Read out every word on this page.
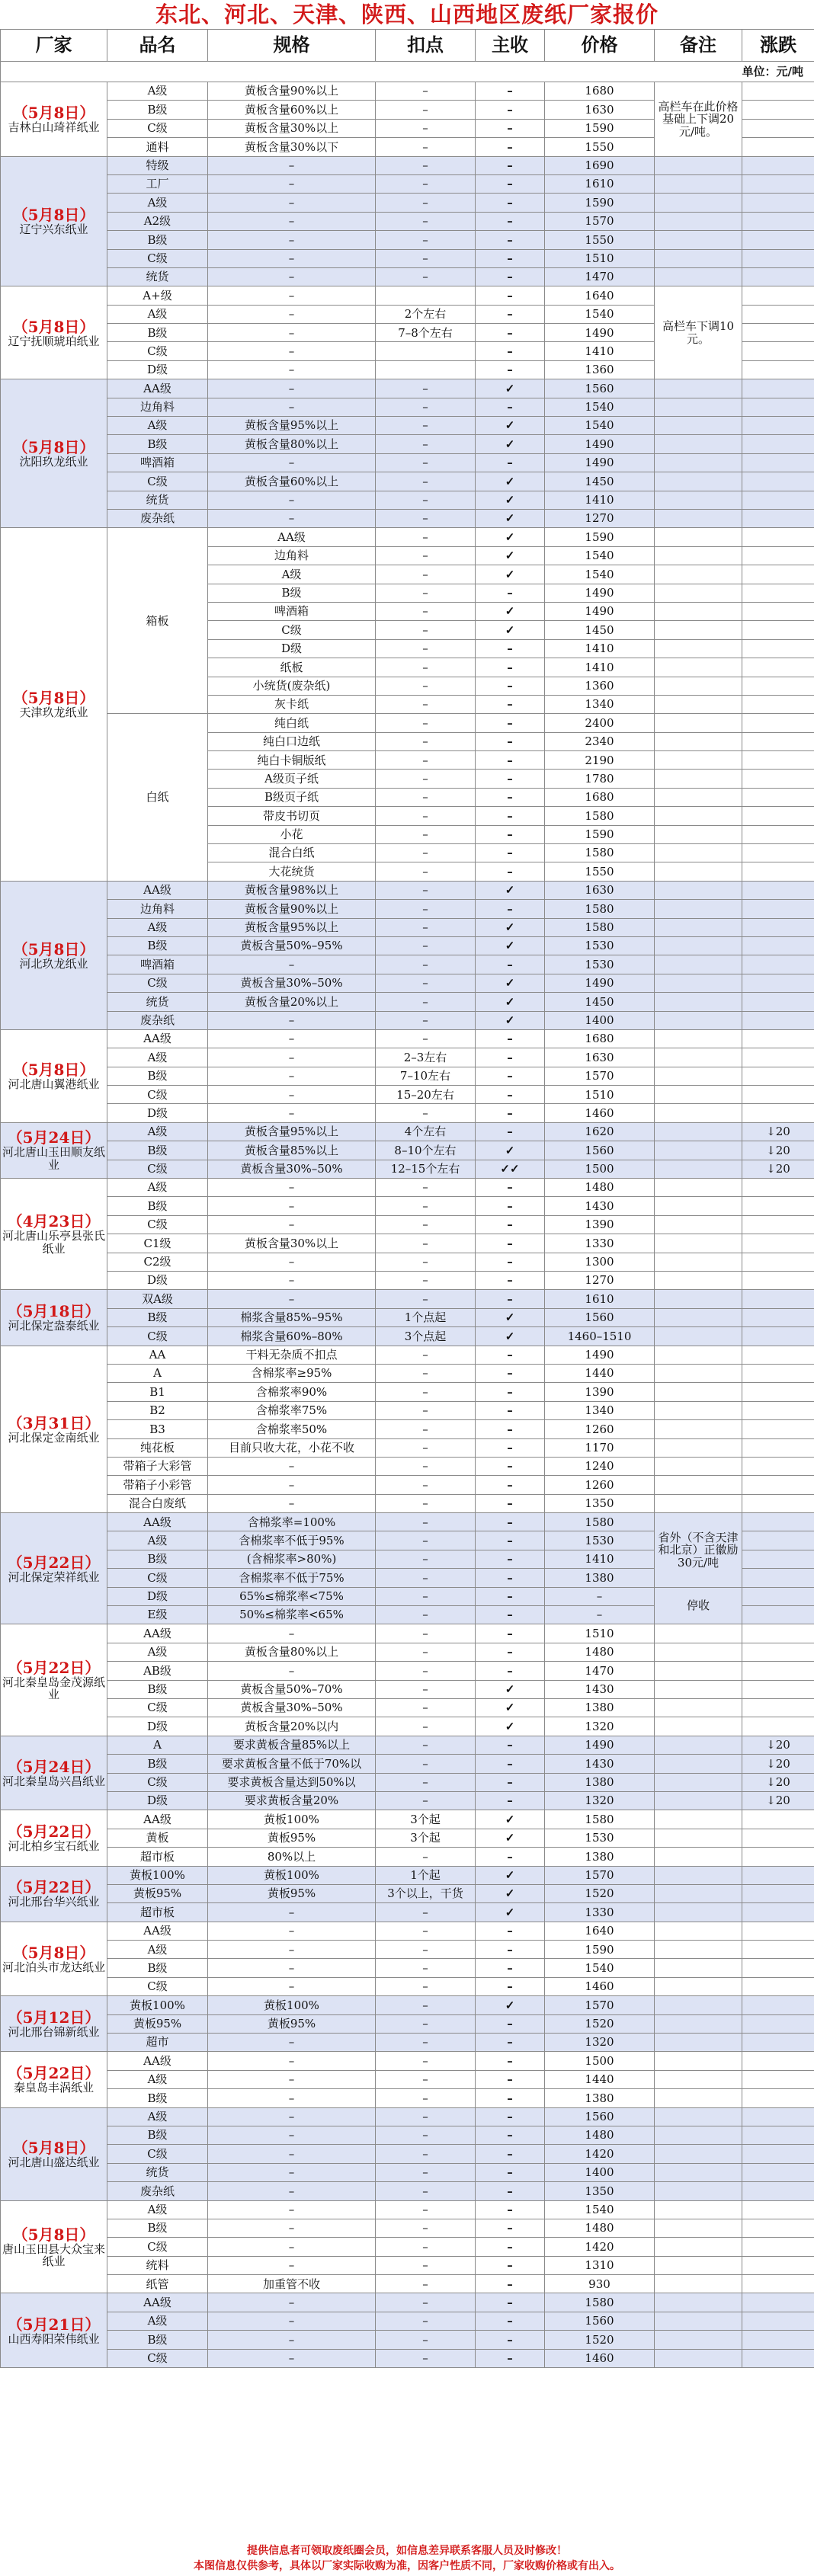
东北、河北、天津、陕西、山西地区废纸厂家报价
厂家	品名	规格	扣点	主收	价格	备注	涨跌
单位：元/吨							

（5月8日）
吉林白山琦祥纸业	A级	黄板含量90%以上	–	–	1680	高栏车在此价格基础上下调20元/吨。	
	B级	黄板含量60%以上	–	–	1630		
	C级	黄板含量30%以上	–	–	1590		
	通料	黄板含量30%以下	–	–	1550		

（5月8日）
辽宁兴东纸业	特级	–	–	–	1690		
	工厂	–	–	–	1610		
	A级	–	–	–	1590		
	A2级	–	–	–	1570		
	B级	–	–	–	1550		
	C级	–	–	–	1510		
	统货	–	–	–	1470		

（5月8日）
辽宁抚顺琥珀纸业	A+级	–		–	1640	高栏车下调10元。	
	A级	–	2个左右	–	1540		
	B级	–	7–8个左右	–	1490		
	C级	–		–	1410		
	D级	–		–	1360		

（5月8日）
沈阳玖龙纸业	AA级	–	–	✓	1560		
	边角料	–	–	–	1540		
	A级	黄板含量95%以上	–	✓	1540		
	B级	黄板含量80%以上	–	✓	1490		
	啤酒箱	–	–	–	1490		
	C级	黄板含量60%以上	–	✓	1450		
	统货	–	–	✓	1410		
	废杂纸	–	–	✓	1270		

（5月8日）
天津玖龙纸业	箱板	AA级	–	✓	1590		
		边角料	–	✓	1540		
		A级	–	✓	1540		
		B级	–	–	1490		
		啤酒箱	–	✓	1490		
		C级	–	✓	1450		
		D级	–	–	1410		
		纸板	–	–	1410		
		小统货(废杂纸)	–	–	1360		
		灰卡纸	–	–	1340		
	白纸	纯白纸	–	–	2400		
		纯白口边纸	–	–	2340		
		纯白卡铜版纸	–	–	2190		
		A级页子纸	–	–	1780		
		B级页子纸	–	–	1680		
		带皮书切页	–	–	1580		
		小花	–	–	1590		
		混合白纸	–	–	1580		
		大花统货	–	–	1550		

（5月8日）
河北玖龙纸业	AA级	黄板含量98%以上	–	✓	1630		
	边角料	黄板含量90%以上	–	–	1580		
	A级	黄板含量95%以上	–	✓	1580		
	B级	黄板含量50%–95%	–	✓	1530		
	啤酒箱	–	–	–	1530		
	C级	黄板含量30%–50%	–	✓	1490		
	统货	黄板含量20%以上	–	✓	1450		
	废杂纸	–	–	✓	1400		

（5月8日）
河北唐山翼港纸业	AA级	–	–	–	1680		
	A级	–	2–3左右	–	1630		
	B级	–	7–10左右	–	1570		
	C级	–	15–20左右	–	1510		
	D级	–	–	–	1460		

（5月24日）
河北唐山玉田顺友纸业	A级	黄板含量95%以上	4个左右	–	1620		↓20
	B级	黄板含量85%以上	8–10个左右	✓	1560		↓20
	C级	黄板含量30%–50%	12–15个左右	✓✓	1500		↓20

（4月23日）
河北唐山乐亭县张氏纸业	A级	–	–	–	1480		
	B级	–	–	–	1430		
	C级	–	–	–	1390		
	C1级	黄板含量30%以上	–	–	1330		
	C2级	–	–	–	1300		
	D级	–	–	–	1270		

（5月18日）
河北保定盎泰纸业	双A级	–	–	–	1610		
	B级	棉浆含量85%–95%	1个点起	✓	1560		
	C级	棉浆含量60%–80%	3个点起	✓	1460–1510		

（3月31日）
河北保定金南纸业	AA	干料无杂质不扣点	–	–	1490		
	A	含棉浆率≥95%	–	–	1440		
	B1	含棉浆率90%	–	–	1390		
	B2	含棉浆率75%	–	–	1340		
	B3	含棉浆率50%	–	–	1260		
	纯花板	目前只收大花，小花不收	–	–	1170		
	带箱子大彩管	–	–	–	1240		
	带箱子小彩管	–	–	–	1260		
	混合白废纸	–	–	–	1350		

（5月22日）
河北保定荣祥纸业	AA级	含棉浆率=100%	–	–	1580	省外（不含天津和北京）正徽励30元/吨	
	A级	含棉浆率不低于95%	–	–	1530		
	B级	(含棉浆率>80%)	–	–	1410		
	C级	含棉浆率不低于75%	–	–	1380		
	D级	65%≤棉浆率<75%	–	–	–	停收	
	E级	50%≤棉浆率<65%	–	–	–		

（5月22日）
河北秦皇岛金茂源纸业	AA级	–	–	–	1510		
	A级	黄板含量80%以上	–	–	1480		
	AB级	–	–	–	1470		
	B级	黄板含量50%–70%	–	✓	1430		
	C级	黄板含量30%–50%	–	✓	1380		
	D级	黄板含量20%以内	–	✓	1320		

（5月24日）
河北秦皇岛兴昌纸业	A	要求黄板含量85%以上	–	–	1490		↓20
	B级	要求黄板含量不低于70%以	–	–	1430		↓20
	C级	要求黄板含量达到50%以	–	–	1380		↓20
	D级	要求黄板含量20%	–	–	1320		↓20

（5月22日）
河北柏乡宝石纸业	AA级	黄板100%	3个起	✓	1580		
	黄板	黄板95%	3个起	✓	1530		
	超市板	80%以上	–	–	1380		

（5月22日）
河北邢台华兴纸业	黄板100%	黄板100%	1个起	✓	1570		
	黄板95%	黄板95%	3个以上，干货	✓	1520		
	超市板	–	–	✓	1330		

（5月8日）
河北泊头市龙达纸业	AA级	–	–	–	1640		
	A级	–	–	–	1590		
	B级	–	–	–	1540		
	C级	–	–	–	1460		

（5月12日）
河北邢台锦新纸业	黄板100%	黄板100%	–	✓	1570		
	黄板95%	黄板95%	–	–	1520		
	超市	–	–	–	1320		

（5月22日）
秦皇岛丰涡纸业	AA级	–	–	–	1500		
	A级	–	–	–	1440		
	B级	–	–	–	1380		

（5月8日）
河北唐山盛达纸业	A级	–	–	–	1560		
	B级	–	–	–	1480		
	C级	–	–	–	1420		
	统货	–	–	–	1400		
	废杂纸	–	–	–	1350		

（5月8日）
唐山玉田县大众宝来纸业	A级	–	–	–	1540		
	B级	–	–	–	1480		
	C级	–	–	–	1420		
	统料	–	–	–	1310		
	纸管	加重管不收	–	–	930		

（5月21日）
山西寿阳荣伟纸业	AA级	–	–	–	1580		
	A级	–	–	–	1560		
	B级	–	–	–	1520		
	C级	–	–	–	1460		
提供信息者可领取废纸圈会员，如信息差异联系客服人员及时修改！
本图信息仅供参考，具体以厂家实际收购为准，因客户性质不同，厂家收购价格或有出入。
